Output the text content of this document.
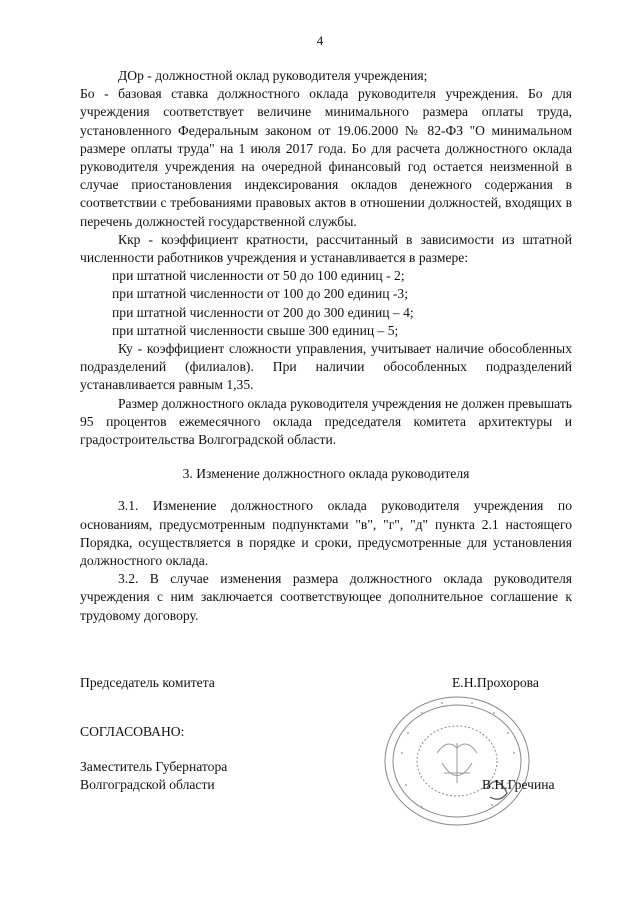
4

ДОр - должностной оклад руководителя учреждения;

Бо - базовая ставка должностного оклада руководителя учреждения. Бо для учреждения соответствует величине минимального размера оплаты труда, установленного Федеральным законом от 19.06.2000 № 82-ФЗ "О минимальном размере оплаты труда" на 1 июля 2017 года. Бо для расчета должностного оклада руководителя учреждения на очередной финансовый год остается неизменной в случае приостановления индексирования окладов денежного содержания в соответствии с требованиями правовых актов в отношении должностей, входящих в перечень должностей государственной службы.

Ккр - коэффициент кратности, рассчитанный в зависимости из штатной численности работников учреждения и устанавливается в размере:

при штатной численности от 50 до 100 единиц - 2;

при штатной численности от 100 до 200 единиц -3;

при штатной численности от 200 до 300 единиц – 4;

при штатной численности свыше 300 единиц – 5;

Ку - коэффициент сложности управления, учитывает наличие обособленных подразделений (филиалов). При наличии обособленных подразделений устанавливается равным 1,35.

Размер должностного оклада руководителя учреждения не должен превышать 95 процентов ежемесячного оклада председателя комитета архитектуры и градостроительства Волгоградской области.

3. Изменение должностного оклада руководителя

3.1. Изменение должностного оклада руководителя учреждения по основаниям, предусмотренным подпунктами "в", "г", "д" пункта 2.1 настоящего Порядка, осуществляется в порядке и сроки, предусмотренные для установления должностного оклада.

3.2. В случае изменения размера должностного оклада руководителя учреждения с ним заключается соответствующее дополнительное соглашение к трудовому договору.

Председатель комитета	Е.Н.Прохорова
СОГЛАСОВАНО:
Заместитель Губернатора
Волгоградской области	В.Н.Гречина
